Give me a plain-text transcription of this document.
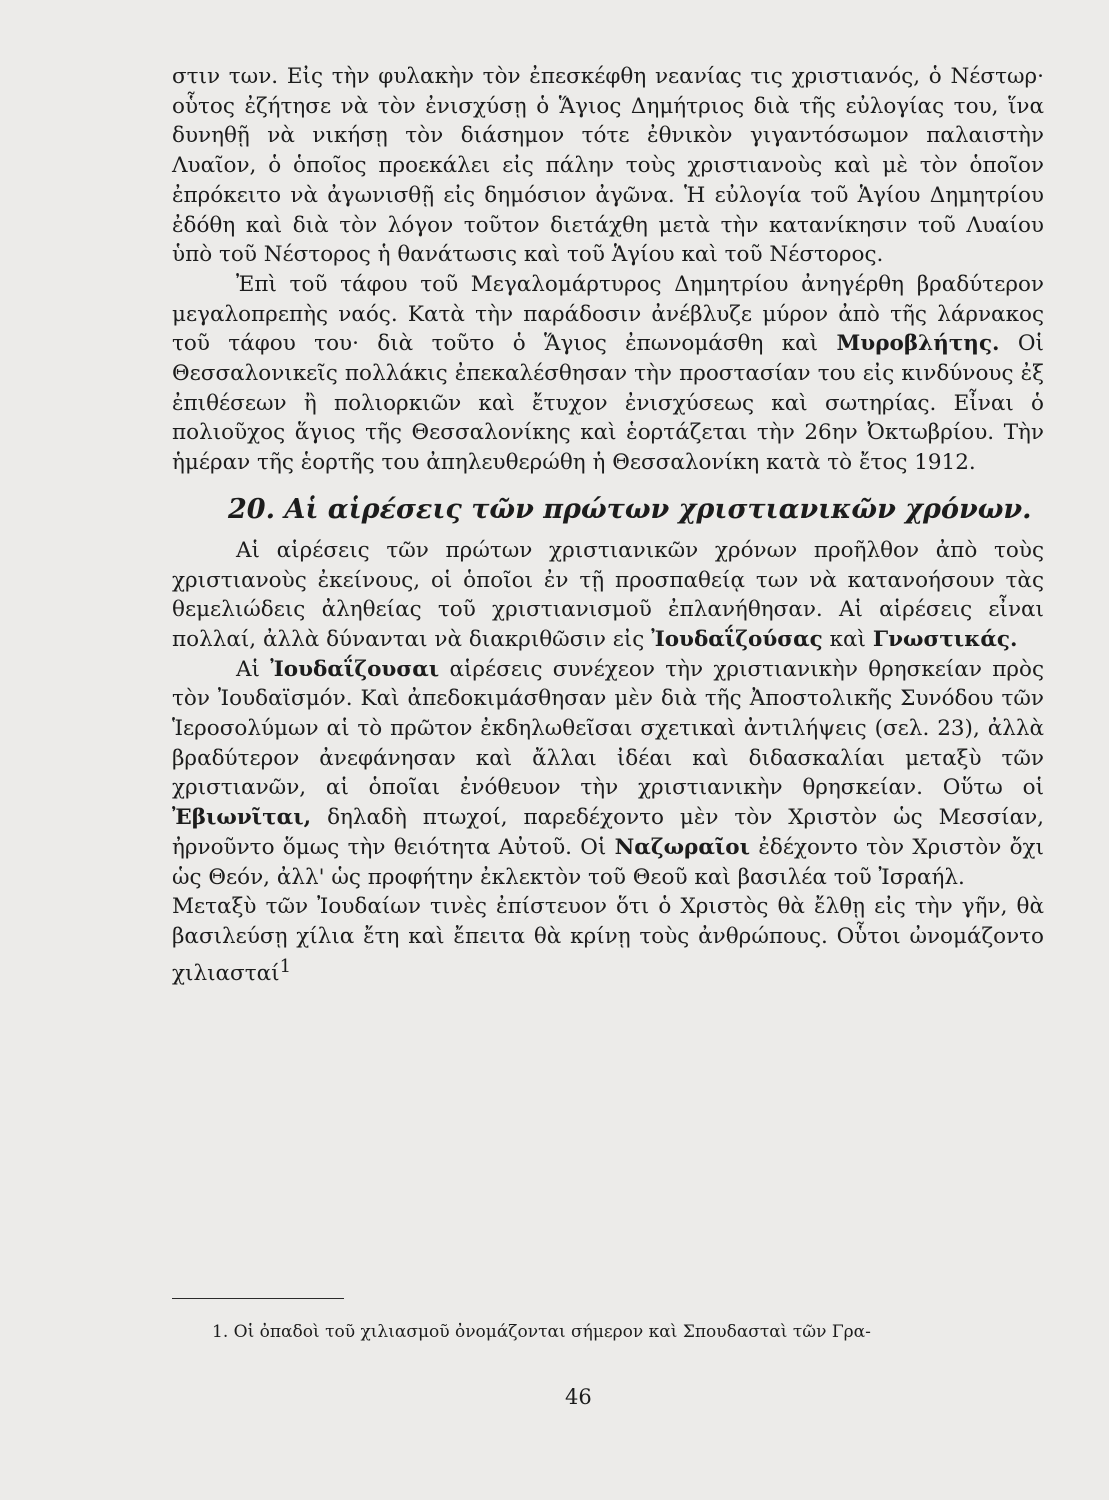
στιν των. Εἰς τὴν φυλακὴν τὸν ἐπεσκέφθη νεανίας τις χριστιανός, ὁ Νέστωρ· οὗτος ἐζήτησε νὰ τὸν ἐνισχύσῃ ὁ Ἅγιος Δημήτριος διὰ τῆς εὐλογίας του, ἵνα δυνηθῇ νὰ νικήσῃ τὸν διάσημον τότε ἐθνικὸν γιγαντόσωμον παλαιστὴν Λυαῖον, ὁ ὁποῖος προεκάλει εἰς πάλην τοὺς χριστιανοὺς καὶ μὲ τὸν ὁποῖον ἐπρόκειτο νὰ ἀγωνισθῇ εἰς δημόσιον ἀγῶνα. Ἡ εὐλογία τοῦ Ἁγίου Δημητρίου ἐδόθη καὶ διὰ τὸν λόγον τοῦτον διετάχθη μετὰ τὴν κατανίκησιν τοῦ Λυαίου ὑπὸ τοῦ Νέστορος ἡ θανάτωσις καὶ τοῦ Ἁγίου καὶ τοῦ Νέστορος.

Ἐπὶ τοῦ τάφου τοῦ Μεγαλομάρτυρος Δημητρίου ἀνηγέρθη βραδύτερον μεγαλοπρεπὴς ναός. Κατὰ τὴν παράδοσιν ἀνέβλυζε μύρον ἀπὸ τῆς λάρνακος τοῦ τάφου του· διὰ τοῦτο ὁ Ἅγιος ἐπωνομάσθη καὶ Μυροβλήτης. Οἱ Θεσσαλονικεῖς πολλάκις ἐπεκαλέσθησαν τὴν προστασίαν του εἰς κινδύνους ἐξ ἐπιθέσεων ἢ πολιορκιῶν καὶ ἔτυχον ἐνισχύσεως καὶ σωτηρίας. Εἶναι ὁ πολιοῦχος ἅγιος τῆς Θεσσαλονίκης καὶ ἑορτάζεται τὴν 26ην Ὀκτωβρίου. Τὴν ἡμέραν τῆς ἑορτῆς του ἀπηλευθερώθη ἡ Θεσσαλονίκη κατὰ τὸ ἔτος 1912.

20. Αἱ αἱρέσεις τῶν πρώτων χριστιανικῶν χρόνων.

Αἱ αἱρέσεις τῶν πρώτων χριστιανικῶν χρόνων προῆλθον ἀπὸ τοὺς χριστιανοὺς ἐκείνους, οἱ ὁποῖοι ἐν τῇ προσπαθείᾳ των νὰ κατανοήσουν τὰς θεμελιώδεις ἀληθείας τοῦ χριστιανισμοῦ ἐπλανήθησαν. Αἱ αἱρέσεις εἶναι πολλαί, ἀλλὰ δύνανται νὰ διακριθῶσιν εἰς Ἰουδαΐζούσας καὶ Γνωστικάς.

Αἱ Ἰουδαΐζουσαι αἱρέσεις συνέχεον τὴν χριστιανικὴν θρησκείαν πρὸς τὸν Ἰουδαϊσμόν. Καὶ ἀπεδοκιμάσθησαν μὲν διὰ τῆς Ἀποστολικῆς Συνόδου τῶν Ἱεροσολύμων αἱ τὸ πρῶτον ἐκδηλωθεῖσαι σχετικαὶ ἀντιλήψεις (σελ. 23), ἀλλὰ βραδύτερον ἀνεφάνησαν καὶ ἄλλαι ἰδέαι καὶ διδασκαλίαι μεταξὺ τῶν χριστιανῶν, αἱ ὁποῖαι ἐνόθευον τὴν χριστιανικὴν θρησκείαν. Οὕτω οἱ Ἐβιωνῖται, δηλαδὴ πτωχοί, παρεδέχοντο μὲν τὸν Χριστὸν ὡς Μεσσίαν, ἠρνοῦντο ὅμως τὴν θειότητα Αὐτοῦ. Οἱ Ναζωραῖοι ἐδέχοντο τὸν Χριστὸν ὄχι ὡς Θεόν, ἀλλ' ὡς προφήτην ἐκλεκτὸν τοῦ Θεοῦ καὶ βασιλέα τοῦ Ἰσραήλ.

Μεταξὺ τῶν Ἰουδαίων τινὲς ἐπίστευον ὅτι ὁ Χριστὸς θὰ ἔλθῃ εἰς τὴν γῆν, θὰ βασιλεύσῃ χίλια ἔτη καὶ ἔπειτα θὰ κρίνῃ τοὺς ἀνθρώπους. Οὗτοι ὠνομάζοντο χιλιασταί$^1$

1. Οἱ ὀπαδοὶ τοῦ χιλιασμοῦ ὀνομάζονται σήμερον καὶ Σπουδασταὶ τῶν Γρα-
46
